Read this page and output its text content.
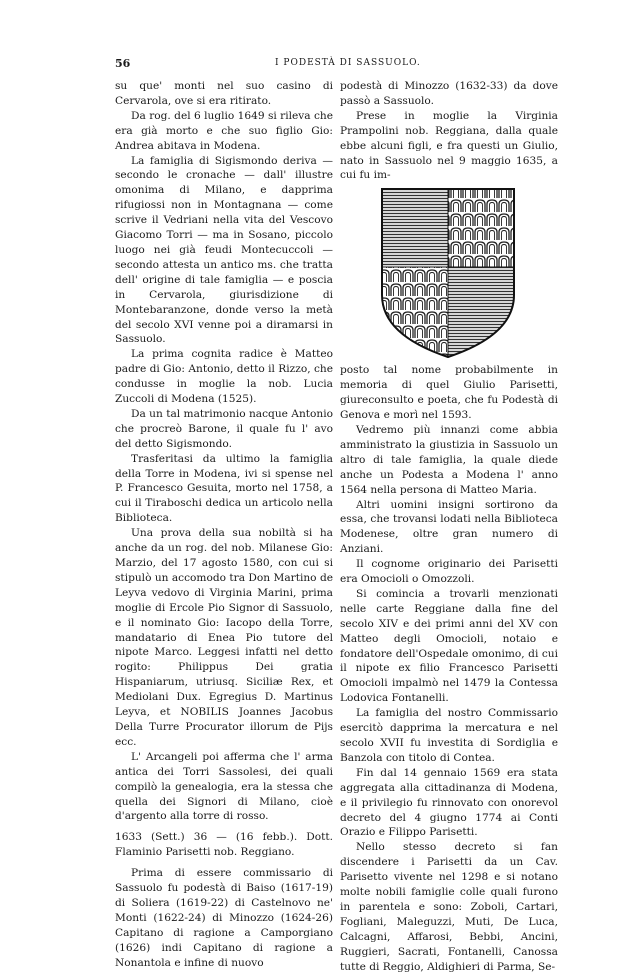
56	I PODESTÀ DI SASSUOLO.

su que' monti nel suo casino di Cervarola, ove si era ritirato.

Da rog. del 6 luglio 1649 si rileva che era già morto e che suo figlio Gio: Andrea abitava in Modena.

La famiglia di Sigismondo deriva — secondo le cronache — dall' illustre omonima di Milano, e dapprima rifugiossi non in Montagnana — come scrive il Vedriani nella vita del Vescovo Giacomo Torri — ma in Sosano, piccolo luogo nei già feudi Montecuccoli — secondo attesta un antico ms. che tratta dell' origine di tale famiglia — e poscia in Cervarola, giurisdizione di Montebaranzone, donde verso la metà del secolo XVI venne poi a diramarsi in Sassuolo.

La prima cognita radice è Matteo padre di Gio: Antonio, detto il Rizzo, che condusse in moglie la nob. Lucia Zuccoli di Modena (1525).

Da un tal matrimonio nacque Antonio che procreò Barone, il quale fu l' avo del detto Sigismondo.

Trasferitasi da ultimo la famiglia della Torre in Modena, ivi si spense nel P. Francesco Gesuita, morto nel 1758, a cui il Tiraboschi dedica un articolo nella Biblioteca.

Una prova della sua nobiltà si ha anche da un rog. del nob. Milanese Gio: Marzio, del 17 agosto 1580, con cui si stipulò un accomodo tra Don Martino de Leyva vedovo di Virginia Marini, prima moglie di Ercole Pio Signor di Sassuolo, e il nominato Gio: Iacopo della Torre, mandatario di Enea Pio tutore del nipote Marco. Leggesi infatti nel detto rogito: Philippus Dei gratia Hispaniarum, utriusq. Siciliæ Rex, et Mediolani Dux. Egregius D. Martinus Leyva, et NOBILIS Joannes Jacobus Della Turre Procurator illorum de Pijs ecc.

L' Arcangeli poi afferma che l' arma antica dei Torri Sassolesi, dei quali compilò la genealogia, era la stessa che quella dei Signori di Milano, cioè d'argento alla torre di rosso.

1633 (Sett.) 36 — (16 febb.). Dott. Flaminio Parisetti nob. Reggiano.

Prima di essere commissario di Sassuolo fu podestà di Baiso (1617-19) di Soliera (1619-22) di Castelnovo ne' Monti (1622-24) di Minozzo (1624-26) Capitano di ragione a Camporgiano (1626) indi Capitano di ragione a Nonantola e infine di nuovo

podestà di Minozzo (1632-33) da dove passò a Sassuolo.

Prese in moglie la Virginia Prampolini nob. Reggiana, dalla quale ebbe alcuni figli, e fra questi un Giulio, nato in Sassuolo nel 9 maggio 1635, a cui fu im-

posto tal nome probabilmente in memoria di quel Giulio Parisetti, giureconsulto e poeta, che fu Podestà di Genova e morì nel 1593.

Vedremo più innanzi come abbia amministrato la giustizia in Sassuolo un altro di tale famiglia, la quale diede anche un Podesta a Modena l' anno 1564 nella persona di Matteo Maria.

Altri uomini insigni sortirono da essa, che trovansi lodati nella Biblioteca Modenese, oltre gran numero di Anziani.

Il cognome originario dei Parisetti era Omocioli o Omozzoli.

Si comincia a trovarli menzionati nelle carte Reggiane dalla fine del secolo XIV e dei primi anni del XV con Matteo degli Omocioli, notaio e fondatore dell'Ospedale omonimo, di cui il nipote ex filio Francesco Parisetti Omocioli impalmò nel 1479 la Contessa Lodovica Fontanelli.

La famiglia del nostro Commissario esercitò dapprima la mercatura e nel secolo XVII fu investita di Sordiglia e Banzola con titolo di Contea.

Fin dal 14 gennaio 1569 era stata aggregata alla cittadinanza di Modena, e il privilegio fu rinnovato con onorevol decreto del 4 giugno 1774 ai Conti Orazio e Filippo Parisetti.

Nello stesso decreto si fan discendere i Parisetti da un Cav. Parisetto vivente nel 1298 e si notano molte nobili famiglie colle quali furono in parentela e sono: Zoboli, Cartari, Fogliani, Maleguzzi, Muti, De Luca, Calcagni, Affarosi, Bebbi, Ancini, Ruggieri, Sacrati, Fontanelli, Canossa tutte di Reggio, Aldighieri di Parma, Se-
